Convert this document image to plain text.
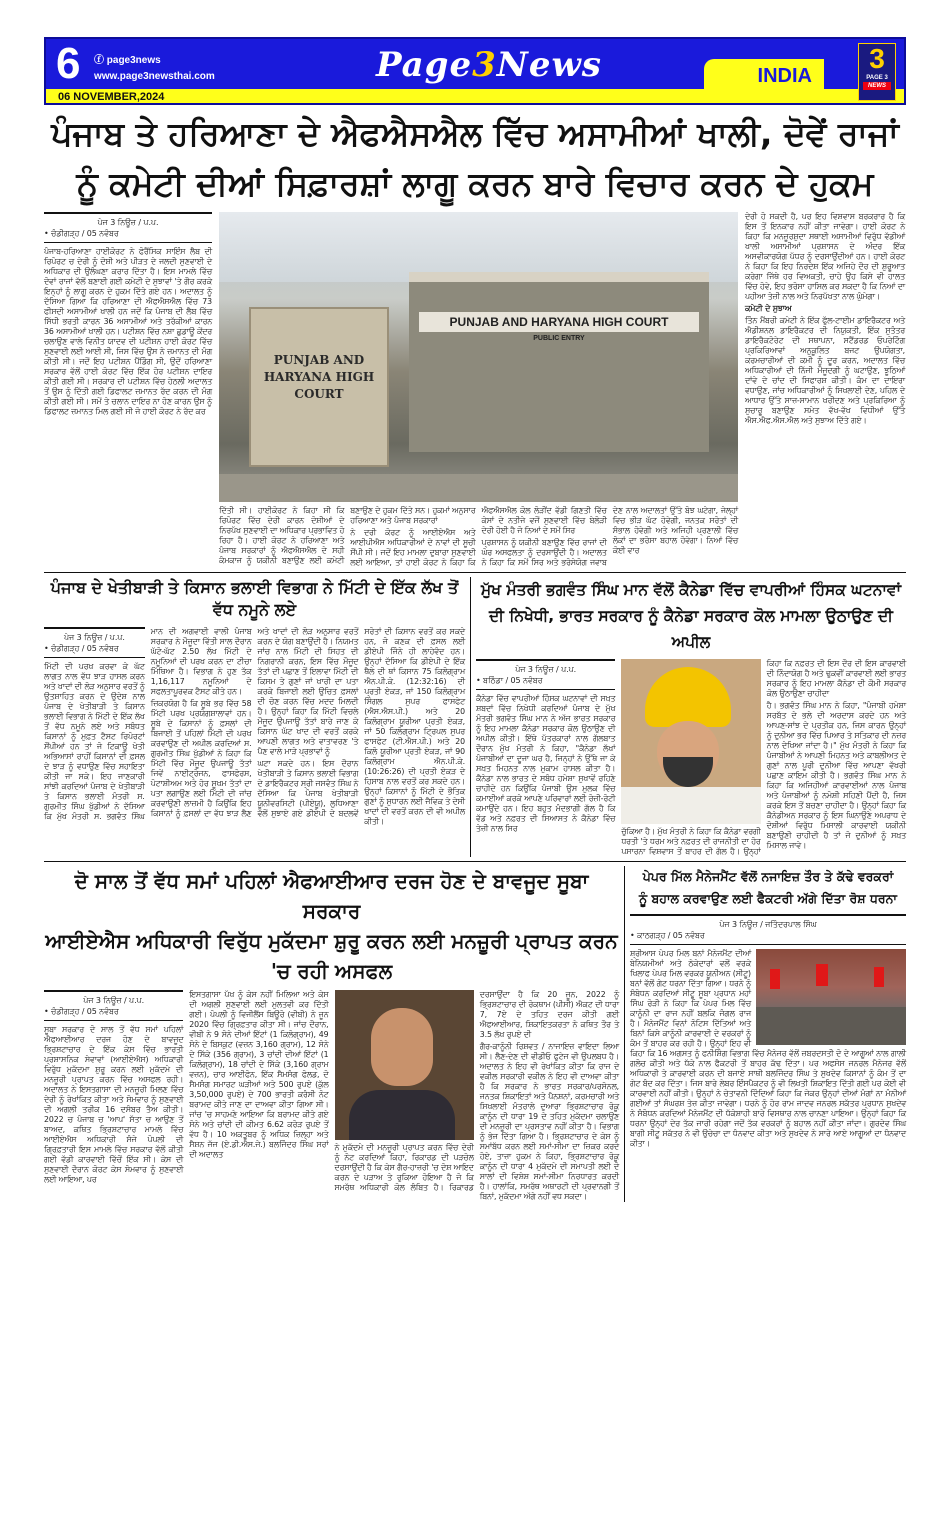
6 ⓕ page3news
www.page3newsthai.com
06 NOVEMBER,2024
Page3News	INDIA
3
PAGE 3
NEWS
ਪੰਜਾਬ ਤੇ ਹਰਿਆਣਾ ਦੇ ਐਫਐਸਐਲ ਵਿੱਚ ਅਸਾਮੀਆਂ ਖਾਲੀ, ਦੋਵੇਂ ਰਾਜਾਂ
ਨੂੰ ਕਮੇਟੀ ਦੀਆਂ ਸਿਫ਼ਾਰਸ਼ਾਂ ਲਾਗੂ ਕਰਨ ਬਾਰੇ ਵਿਚਾਰ ਕਰਨ ਦੇ ਹੁਕਮ
ਪੇਜ 3 ਨਿਊਜ਼ / ਪ.ਪ.
• ਚੰਡੀਗੜ੍ਹ / 05 ਨਵੰਬਰ

ਪੰਜਾਬ-ਹਰਿਆਣਾ ਹਾਈਕੋਰਟ ਨੇ ਫੋਰੈਂਸਿਕ ਸਾਇੰਸ ਲੈਬ ਦੀ ਰਿਪੋਰਟ ਚ ਦੇਰੀ ਨੂੰ ਦੋਸ਼ੀ ਅਤੇ ਪੀੜਤ ਦੇ ਜਲਦੀ ਸੁਣਵਾਈ ਦੇ ਅਧਿਕਾਰ ਦੀ ਉਲੰਘਣਾ ਕਰਾਰ ਦਿੱਤਾ ਹੈ। ਇਸ ਮਾਮਲੇ ਵਿੱਚ ਦੋਵਾਂ ਰਾਜਾਂ ਵੱਲੋਂ ਬਣਾਈ ਗਈ ਕਮੇਟੀ ਦੇ ਸੁਝਾਵਾਂ 'ਤੇ ਗੌਰ ਕਰਕੇ ਇਨ੍ਹਾਂ ਨੂੰ ਲਾਗੂ ਕਰਨ ਦੇ ਹੁਕਮ ਦਿੱਤੇ ਗਏ ਹਨ। ਅਦਾਲਤ ਨੂੰ ਦੱਸਿਆ ਗਿਆ ਕਿ ਹਰਿਆਣਾ ਦੀ ਐਫਐਸਐਲ ਵਿੱਚ 73 ਫੀਸਦੀ ਅਸਾਮੀਆਂ ਖਾਲੀ ਹਨ ਜਦੋਂ ਕਿ ਪੰਜਾਬ ਦੀ ਲੈਬ ਵਿੱਚ ਸਿੱਧੀ ਭਰਤੀ ਕਾਰਨ 36 ਅਸਾਮੀਆਂ ਅਤੇ ਤਰੱਕੀਆਂ ਕਾਰਨ 36 ਅਸਾਮੀਆਂ ਖਾਲੀ ਹਨ। ਪਟੀਸ਼ਨ ਵਿੱਚ ਨਸ਼ਾ ਛੁਡਾਊ ਕੇਂਦਰ ਚਲਾਉਣ ਵਾਲੇ ਵਿਨੀਤ ਯਾਦਵ ਦੀ ਪਟੀਸ਼ਨ ਹਾਈ ਕੋਰਟ ਵਿੱਚ ਸੁਣਵਾਈ ਲਈ ਆਈ ਸੀ, ਜਿਸ ਵਿੱਚ ਉਸ ਨੇ ਜ਼ਮਾਨਤ ਦੀ ਮੰਗ ਕੀਤੀ ਸੀ। ਜਦੋਂ ਇਹ ਪਟੀਸ਼ਨ ਪੈਂਡਿੰਗ ਸੀ, ਉਦੋਂ ਹਰਿਆਣਾ ਸਰਕਾਰ ਵੱਲੋਂ ਹਾਈ ਕੋਰਟ ਵਿੱਚ ਇੱਕ ਹੋਰ ਪਟੀਸ਼ਨ ਦਾਇਰ ਕੀਤੀ ਗਈ ਸੀ। ਸਰਕਾਰ ਦੀ ਪਟੀਸ਼ਨ ਵਿੱਚ ਹੇਠਲੀ ਅਦਾਲਤ ਤੋਂ ਉਸ ਨੂੰ ਦਿੱਤੀ ਗਈ ਡਿਫਾਲਟ ਜ਼ਮਾਨਤ ਰੱਦ ਕਰਨ ਦੀ ਮੰਗ ਕੀਤੀ ਗਈ ਸੀ। ਸਮੇਂ ਤੇ ਚਲਾਨ ਦਾਇਰ ਨਾ ਹੋਣ ਕਾਰਨ ਉਸ ਨੂੰ ਡਿਫਾਲਟ ਜ਼ਮਾਨਤ ਮਿਲ ਗਈ ਸੀ ਜੋ ਹਾਈ ਕੋਰਟ ਨੇ ਰੱਦ ਕਰ

PUNJAB AND HARYANA HIGH COURT
PUBLIC ENTRY
PUNJAB AND HARYANA HIGH COURT

ਦਿੱਤੀ ਸੀ। ਹਾਈਕੋਰਟ ਨੇ ਕਿਹਾ ਸੀ ਕਿ ਰਿਪੋਰਟ ਵਿੱਚ ਦੇਰੀ ਕਾਰਨ ਦੋਸ਼ੀਆਂ ਦੇ ਨਿਰਪੱਖ ਸੁਣਵਾਈ ਦਾ ਅਧਿਕਾਰ ਪ੍ਰਭਾਵਿਤ ਹੋ ਰਿਹਾ ਹੈ। ਹਾਈ ਕੋਰਟ ਨੇ ਹਰਿਆਣਾ ਅਤੇ ਪੰਜਾਬ ਸਰਕਾਰਾਂ ਨੂੰ ਐਫਐਸਐਲ ਦੇ ਸਹੀ ਕੰਮਕਾਜ ਨੂੰ ਯਕੀਨੀ ਬਣਾਉਣ ਲਈ ਕਮੇਟੀ ਬਣਾਉਣ ਦੇ ਹੁਕਮ ਦਿੱਤੇ ਸਨ। ਹੁਕਮਾਂ ਅਨੁਸਾਰ ਹਰਿਆਣਾ ਅਤੇ ਪੰਜਾਬ ਸਰਕਾਰਾਂ

ਨੇ ਦਰੀ ਕੋਰਟ ਨੂੰ ਆਈਏਐਸ ਅਤੇ ਆਈਪੀਐਸ ਅਧਿਕਾਰੀਆਂ ਦੇ ਨਾਵਾਂ ਦੀ ਸੂਚੀ ਸੌਂਪੀ ਸੀ। ਜਦੋਂ ਇਹ ਮਾਮਲਾ ਦੁਬਾਰਾ ਸੁਣਵਾਈ ਲਈ ਆਇਆ, ਤਾਂ ਹਾਈ ਕੋਰਟ ਨੇ ਕਿਹਾ ਕਿ ਐਫਐਸਐਲ ਕੋਲ ਲੋੜੀਂਦ ਵੱਡੀ ਗਿਣਤੀ ਵਿੱਚ ਕੇਸਾਂ ਦੇ ਨਤੀਜੇ ਵਜੋਂ ਸੁਣਵਾਈ ਵਿੱਚ ਬੇਲੋੜੀ ਦੇਰੀ ਹੋਈ ਹੈ ਜੋ ਨਿਆਂ ਦੇ ਸਮੇਂ ਸਿਰ

ਪ੍ਰਸ਼ਾਸਨ ਨੂੰ ਯਕੀਨੀ ਬਣਾਉਣ ਵਿੱਚ ਰਾਜਾਂ ਦੀ ਘੋਰ ਅਸਫਲਤਾ ਨੂੰ ਦਰਸਾਉਂਦੀ ਹੈ। ਅਦਾਲਤ ਨੇ ਕਿਹਾ ਕਿ ਸਮੇਂ ਸਿਰ ਅਤੇ ਭਰੋਸੇਯੋਗ ਜਵਾਬ ਦੇਣ ਨਾਲ ਅਦਾਲਤਾਂ ਉੱਤੇ ਬੋਝ ਘਟੇਗਾ, ਜੇਲ੍ਹਾਂ ਵਿਚ ਭੀੜ ਘੱਟ ਹੋਵੇਗੀ, ਜਨਤਕ ਸਰੋਤਾਂ ਦੀ ਸੰਭਾਲ ਹੋਵੇਗੀ ਅਤੇ ਅਜਿਹੀ ਪ੍ਰਣਾਲੀ ਵਿੱਚ ਲੋਕਾਂ ਦਾ ਭਰੋਸਾ ਬਹਾਲ ਹੋਵੇਗਾ। ਨਿਆਂ ਵਿੱਚ ਕੋਈ ਵਾਰ

ਦੇਰੀ ਹੋ ਸਕਦੀ ਹੈ, ਪਰ ਇਹ ਵਿਸ਼ਵਾਸ ਬਰਕਰਾਰ ਹੈ ਕਿ ਇਸ ਤੋਂ ਇਨਕਾਰ ਨਹੀਂ ਕੀਤਾ ਜਾਵੇਗਾ। ਹਾਈ ਕੋਰਟ ਨੇ ਕਿਹਾ ਕਿ ਮਨਜ਼ੂਰਸ਼ੁਦਾ ਸਥਾਈ ਅਸਾਮੀਆਂ ਵਿਰੁੱਧ ਵੱਡੀਆਂ ਖਾਲੀ ਅਸਾਮੀਆਂ ਪ੍ਰਸ਼ਾਸਨ ਦੇ ਅੰਦਰ ਇੱਕ ਅਸਵੀਕਾਰਯੋਗ ਪੱਧਰ ਨੂੰ ਦਰਸਾਉਂਦੀਆਂ ਹਨ। ਹਾਈ ਕੋਰਟ ਨੇ ਕਿਹਾ ਕਿ ਇਹ ਨਿਰਦੇਸ਼ ਇੱਕ ਅਜਿਹੇ ਦੌਰ ਦੀ ਸ਼ੁਰੂਆਤ ਕਰੇਗਾ ਜਿੱਥੇ ਹਰ ਵਿਅਕਤੀ, ਚਾਹੇ ਉਹ ਕਿਸੇ ਵੀ ਹਾਲਤ ਵਿੱਚ ਹੋਵੇ, ਇਹ ਭਰੋਸਾ ਹਾਸਿਲ ਕਰ ਸਕਦਾ ਹੈ ਕਿ ਨਿਆਂ ਦਾ ਪਹੀਆ ਤੇਜ਼ੀ ਨਾਲ ਅਤੇ ਨਿਰਪੱਖਤਾ ਨਾਲ ਘੁੰਮੇਗਾ।

ਕਮੇਟੀ ਦੇ ਸੁਝਾਅ

ਤਿੰਨ ਮੈਂਬਰੀ ਕਮੇਟੀ ਨੇ ਇੱਕ ਫੁੱਲ-ਟਾਈਮ ਡਾਇਰੈਕਟਰ ਅਤੇ ਐਡੀਸ਼ਨਲ ਡਾਇਰੈਕਟਰ ਦੀ ਨਿਯੁਕਤੀ, ਇੱਕ ਸੁਤੰਤਰ ਡਾਇਰੈਕਟੋਰੇਟ ਦੀ ਸਥਾਪਨਾ, ਸਟੈਂਡਰਡ ਓਪਰੇਟਿੰਗ ਪ੍ਰਕਿਰਿਆਵਾਂ ਅਨੁਕੂਲਿਤ ਬਜਟ ਉਪਯੋਗਤਾ, ਕਰਮਚਾਰੀਆਂ ਦੀ ਕਮੀ ਨੂੰ ਦੂਰ ਕਰਨ, ਅਦਾਲਤ ਵਿੱਚ ਅਧਿਕਾਰੀਆਂ ਦੀ ਨਿੱਜੀ ਮੌਜੂਦਗੀ ਨੂੰ ਘਟਾਉਣ, ਝੂਠਿਆਂ ਦਾਂਵੇ ਦੇ ਚਾਂਦ ਦੀ ਸਿਫਾਰਸ਼ ਕੀਤੀ। ਕੰਮ ਦਾ ਦਾਇਰਾ ਵਧਾਉਣ, ਜਾਂਚ ਅਧਿਕਾਰੀਆਂ ਨੂੰ ਸਿਖਲਾਈ ਦੇਣ, ਪਹਿਲ ਦੇ ਆਧਾਰ ਉੱਤੇ ਸਾਜ਼-ਸਾਮਾਨ ਖਰੀਦਣ ਅਤੇ ਪ੍ਰਕਿਰਿਆ ਨੂੰ ਸੁਚਾਰੂ ਬਣਾਉਣ ਸਮੇਤ ਵੱਖ-ਵੱਖ ਵਿਧੀਆਂ ਉੱਤੇ ਐਸ.ਐਫ.ਐਸ.ਐਲ ਅਤੇ ਸੁਝਾਅ ਦਿੱਤੇ ਗਏ।

ਪੰਜਾਬ ਦੇ ਖੇਤੀਬਾੜੀ ਤੇ ਕਿਸਾਨ ਭਲਾਈ ਵਿਭਾਗ ਨੇ ਮਿੱਟੀ ਦੇ ਇੱਕ ਲੱਖ ਤੋਂ ਵੱਧ ਨਮੂਨੇ ਲਏ
ਪੇਜ 3 ਨਿਊਜ਼ / ਪ.ਪ.
• ਚੰਡੀਗੜ੍ਹ / 05 ਨਵੰਬਰ

ਮਿੱਟੀ ਦੀ ਪਰਖ ਕਰਵਾ ਕੇ ਘੱਟ ਲਾਗਤ ਨਾਲ ਵੱਧ ਝਾੜ ਹਾਸਲ ਕਰਨ ਅਤੇ ਖਾਦਾਂ ਦੀ ਲੋੜ ਅਨੁਸਾਰ ਵਰਤੋਂ ਨੂੰ ਉਤਸ਼ਾਹਿਤ ਕਰਨ ਦੇ ਉਦੇਸ਼ ਨਾਲ ਪੰਜਾਬ ਦੇ ਖੇਤੀਬਾੜੀ ਤੇ ਕਿਸਾਨ ਭਲਾਈ ਵਿਭਾਗ ਨੇ ਮਿੱਟੀ ਦੇ ਇੱਕ ਲੱਖ ਤੋਂ ਵੱਧ ਨਮੂਨੇ ਲਏ ਅਤੇ ਸਬੰਧਤ ਕਿਸਾਨਾਂ ਨੂੰ ਮੁਫ਼ਤ ਟੈਸਟ ਰਿਪੋਰਟਾਂ ਸੌਂਪੀਆਂ ਹਨ ਤਾਂ ਜੋ ਟਿਕਾਊ ਖੇਤੀ ਅਭਿਆਸਾਂ ਰਾਹੀਂ ਕਿਸਾਨਾਂ ਦੀ ਫ਼ਸਲ ਦੇ ਝਾੜ ਨੂੰ ਵਧਾਉਣ ਵਿੱਚ ਸਹਾਇਤਾ ਕੀਤੀ ਜਾ ਸਕੇ। ਇਹ ਜਾਣਕਾਰੀ ਸਾਂਝੀ ਕਰਦਿਆਂ ਪੰਜਾਬ ਦੇ ਖੇਤੀਬਾੜੀ ਤੇ ਕਿਸਾਨ ਭਲਾਈ ਮੰਤਰੀ ਸ. ਗੁਰਮੀਤ ਸਿੰਘ ਖੁੱਡੀਆਂ ਨੇ ਦੱਸਿਆ ਕਿ ਮੁੱਖ ਮੰਤਰੀ ਸ. ਭਗਵੰਤ ਸਿੰਘ ਮਾਨ ਦੀ ਅਗਵਾਈ ਵਾਲੀ ਪੰਜਾਬ ਸਰਕਾਰ ਨੇ ਮੌਜੂਦਾ ਵਿੱਤੀ ਸਾਲ ਦੌਰਾਨ ਘੱਟੋ-ਘੱਟ 2.50 ਲੱਖ ਮਿੱਟੀ ਦੇ ਨਮੂਨਿਆਂ ਦੀ ਪਰਖ ਕਰਨ ਦਾ ਟੀਚਾ ਮਿੱਥਿਆ ਹੈ। ਵਿਭਾਗ ਨੇ ਹੁਣ ਤੱਕ 1,16,117 ਨਮੂਨਿਆਂ ਦੇ ਸਫਲਤਾਪੂਰਵਕ ਟੈਸਟ ਕੀਤੇ ਹਨ।

ਜ਼ਿਕਰਯੋਗ ਹੈ ਕਿ ਸੂਬੇ ਭਰ ਵਿੱਚ 58 ਮਿੱਟੀ ਪਰਖ ਪ੍ਰਯੋਗਸ਼ਾਲਾਵਾਂ ਹਨ। ਸੂਬੇ ਦੇ ਕਿਸਾਨਾਂ ਨੂੰ ਫ਼ਸਲਾਂ ਦੀ ਬਿਜਾਈ ਤੋਂ ਪਹਿਲਾਂ ਮਿੱਟੀ ਦੀ ਪਰਖ ਕਰਵਾਉਣ ਦੀ ਅਪੀਲ ਕਰਦਿਆਂ ਸ. ਗੁਰਮੀਤ ਸਿੰਘ ਖੁੱਡੀਆਂ ਨੇ ਕਿਹਾ ਕਿ ਮਿੱਟੀ ਵਿੱਚ ਮੌਜੂਦ ਉਪਜਾਊ ਤੱਤਾਂ ਜਿਵੇਂ ਨਾਈਟ੍ਰੋਜਨ, ਫਾਸਫੋਰਸ, ਪੋਟਾਸ਼ੀਅਮ ਅਤੇ ਹੋਰ ਸੂਖਮ ਤੱਤਾਂ ਦਾ ਪਤਾ ਲਗਾਉਣ ਲਈ ਮਿੱਟੀ ਦੀ ਜਾਂਚ ਕਰਵਾਉਣੀ ਲਾਜ਼ਮੀ ਹੈ ਕਿਉਂਕਿ ਇਹ ਕਿਸਾਨਾਂ ਨੂੰ ਫ਼ਸਲਾਂ ਦਾ ਵੱਧ ਝਾੜ ਲੈਣ ਅਤੇ ਖਾਦਾਂ ਦੀ ਲੋੜ ਅਨੁਸਾਰ ਵਰਤੋਂ ਕਰਨ ਦੇ ਯੋਗ ਬਣਾਉਂਦੀ ਹੈ। ਨਿਯਮਤ ਜਾਂਚ ਨਾਲ ਮਿੱਟੀ ਦੀ ਸਿਹਤ ਦੀ ਨਿਗਰਾਨੀ ਕਰਨ, ਇਸ ਵਿੱਚ ਮੌਜੂਦ ਤੱਤਾਂ ਦੀ ਪਛਾਣ ਤੋਂ ਇਲਾਵਾ ਮਿੱਟੀ ਦੀ ਕਿਸਮ ਤੇ ਗੁਣਾਂ ਜਾਂ ਖਾਰੀ ਦਾ ਪਤਾ ਕਰਕੇ ਬਿਜਾਈ ਲਈ ਉਚਿਤ ਫ਼ਸਲਾਂ ਦੀ ਚੋਣ ਕਰਨ ਵਿੱਚ ਮਦਦ ਮਿਲਦੀ ਹੈ। ਉਨ੍ਹਾਂ ਕਿਹਾ ਕਿ ਮਿੱਟੀ ਵਿਚਲੇ ਮੌਜੂਦ ਉਪਜਾਊ ਤੱਤਾਂ ਬਾਰੇ ਜਾਣ ਕੇ ਕਿਸਾਨ ਘੱਟ ਖਾਦ ਦੀ ਵਰਤੋਂ ਕਰਕੇ ਆਪਣੀ ਲਾਗਤ ਅਤੇ ਵਾਤਾਵਰਣ 'ਤੇ ਪੈਣ ਵਾਲੇ ਮਾੜੇ ਪ੍ਰਭਾਵਾਂ ਨੂੰ

ਘਟਾ ਸਕਦੇ ਹਨ। ਇਸ ਦੌਰਾਨ ਖੇਤੀਬਾੜੀ ਤੇ ਕਿਸਾਨ ਭਲਾਈ ਵਿਭਾਗ ਦੇ ਡਾਇਰੈਕਟਰ ਸ੍ਰੀ ਜਸਵੰਤ ਸਿੰਘ ਨੇ ਦੱਸਿਆ ਕਿ ਪੰਜਾਬ ਖੇਤੀਬਾੜੀ ਯੂਨੀਵਰਸਿਟੀ (ਪੀਏਯੂ), ਲੁਧਿਆਣਾ ਵੱਲੋਂ ਸੁਝਾਏ ਗਏ ਡੀਏਪੀ ਦੇ ਬਦਲਵੇਂ ਸਰੋਤਾਂ ਦੀ ਕਿਸਾਨ ਵਰਤੋਂ ਕਰ ਸਕਦੇ ਹਨ, ਜੋ ਕਣਕ ਦੀ ਫ਼ਸਲ ਲਈ ਡੀਏਪੀ ਜਿੰਨੇ ਹੀ ਲਾਹੇਵੰਦ ਹਨ। ਉਨ੍ਹਾਂ ਦੱਸਿਆ ਕਿ ਡੀਏਪੀ ਦੇ ਇੱਕ ਥੈਲੇ ਦੀ ਥਾਂ ਕਿਸਾਨ 75 ਕਿਲੋਗ੍ਰਾਮ ਐਨ.ਪੀ.ਕੇ. (12:32:16) ਦੀ ਪ੍ਰਤੀ ਏਕੜ, ਜਾਂ 150 ਕਿਲੋਗ੍ਰਾਮ ਸਿੰਗਲ ਸੁਪਰ ਫਾਸਫੇਟ (ਐਸ.ਐਸ.ਪੀ.) ਅਤੇ 20 ਕਿਲੋਗ੍ਰਾਮ ਯੂਰੀਆ ਪ੍ਰਤੀ ਏਕੜ, ਜਾਂ 50 ਕਿਲੋਗ੍ਰਾਮ ਟ੍ਰਿਪਲ ਸੁਪਰ ਫਾਸਫੇਟ (ਟੀ.ਐਸ.ਪੀ.) ਅਤੇ 20 ਕਿਲੋ ਯੂਰੀਆ ਪ੍ਰਤੀ ਏਕੜ, ਜਾਂ 90 ਕਿਲੋਗ੍ਰਾਮ ਐਨ.ਪੀ.ਕੇ. (10:26:26) ਦੀ ਪ੍ਰਤੀ ਏਕੜ ਦੇ ਹਿਸਾਬ ਨਾਲ ਵਰਤੋਂ ਕਰ ਸਕਦੇ ਹਨ। ਉਨ੍ਹਾਂ ਕਿਸਾਨਾਂ ਨੂੰ ਮਿੱਟੀ ਦੇ ਭੌਤਿਕ ਗੁਣਾਂ ਨੂੰ ਸੁਧਾਰਨ ਲਈ ਜੈਵਿਕ ਤੇ ਦੇਸੀ ਖਾਦਾਂ ਦੀ ਵਰਤੋਂ ਕਰਨ ਦੀ ਵੀ ਅਪੀਲ ਕੀਤੀ।

ਮੁੱਖ ਮੰਤਰੀ ਭਗਵੰਤ ਸਿੰਘ ਮਾਨ ਵੱਲੋਂ ਕੈਨੇਡਾ ਵਿੱਚ ਵਾਪਰੀਆਂ ਹਿੰਸਕ ਘਟਨਾਵਾਂ
ਦੀ ਨਿਖੇਧੀ, ਭਾਰਤ ਸਰਕਾਰ ਨੂੰ ਕੈਨੇਡਾ ਸਰਕਾਰ ਕੋਲ ਮਾਮਲਾ ਉਠਾਉਣ ਦੀ ਅਪੀਲ
ਪੇਜ 3 ਨਿਊਜ਼ / ਪ.ਪ.
• ਬਠਿੰਡਾ / 05 ਨਵੰਬਰ

ਕੈਨੇਡਾ ਵਿੱਚ ਵਾਪਰੀਆਂ ਹਿੰਸਕ ਘਟਨਾਵਾਂ ਦੀ ਸਖ਼ਤ ਸ਼ਬਦਾਂ ਵਿੱਚ ਨਿਖੇਧੀ ਕਰਦਿਆਂ ਪੰਜਾਬ ਦੇ ਮੁੱਖ ਮੰਤਰੀ ਭਗਵੰਤ ਸਿੰਘ ਮਾਨ ਨੇ ਅੱਜ ਭਾਰਤ ਸਰਕਾਰ ਨੂੰ ਇਹ ਮਾਮਲਾ ਕੈਨੇਡਾ ਸਰਕਾਰ ਕੋਲ ਉਠਾਉਣ ਦੀ ਅਪੀਲ ਕੀਤੀ। ਇੱਥੇ ਪੱਤਰਕਾਰਾਂ ਨਾਲ ਗੱਲਬਾਤ ਦੌਰਾਨ ਮੁੱਖ ਮੰਤਰੀ ਨੇ ਕਿਹਾ, "ਕੈਨੇਡਾ ਲੱਖਾਂ ਪੰਜਾਬੀਆਂ ਦਾ ਦੂਜਾ ਘਰ ਹੈ, ਜਿਨ੍ਹਾਂ ਨੇ ਉੱਥੇ ਜਾ ਕੇ ਸਖ਼ਤ ਮਿਹਨਤ ਨਾਲ ਮੁਕਾਮ ਹਾਸਲ ਕੀਤਾ ਹੈ। ਕੈਨੇਡਾ ਨਾਲ ਭਾਰਤ ਦੇ ਸਬੰਧ ਹਮੇਸ਼ਾ ਸੁਖਾਵੇਂ ਰਹਿਣੇ ਚਾਹੀਦੇ ਹਨ ਕਿਉਂਕਿ ਪੰਜਾਬੀ ਉਸ ਮੁਲਕ ਵਿੱਚ ਕਮਾਈਆਂ ਕਰਕੇ ਆਪਣੇ ਪਰਿਵਾਰਾਂ ਲਈ ਰੋਜ਼ੀ-ਰੋਟੀ ਕਮਾਉਂਦੇ ਹਨ। ਇਹ ਬਹੁਤ ਮੰਦਭਾਗੀ ਗੱਲ ਹੈ ਕਿ ਵੱਡ ਅਤੇ ਨਫ਼ਰਤ ਦੀ ਸਿਆਸਤ ਨੇ ਕੈਨੇਡਾ ਵਿੱਚ ਤੇਜ਼ੀ ਨਾਲ ਸਿਰ	ਚੁੱਕਿਆ ਹੈ। ਮੁੱਖ ਮੰਤਰੀ ਨੇ ਕਿਹਾ ਕਿ ਕੈਨੇਡਾ ਵਰਗੀ ਧਰਤੀ 'ਤੇ ਧਰਮ ਅਤੇ ਨਫ਼ਰਤ ਦੀ ਰਾਜਨੀਤੀ ਦਾ ਹੋਰ ਪਸਾਰਨਾ ਵਿਸ਼ਵਾਸ ਤੋਂ ਬਾਹਰ ਦੀ ਗੱਲ ਹੈ। ਉਨ੍ਹਾਂ ਕਿਹਾ ਕਿ ਨਫ਼ਰਤ ਦੀ ਇਸ ਦੌਰ ਦੀ ਇਸ ਕਾਰਵਾਈ ਦੀ ਨਿੰਦਾਯੋਗ ਹੈ ਅਤੇ ਢੁਕਵੀਂ ਕਾਰਵਾਈ ਲਈ ਭਾਰਤ ਸਰਕਾਰ ਨੂੰ ਇਹ ਮਾਮਲਾ ਕੈਨੇਡਾ ਦੀ ਕੌਮੀ ਸਰਕਾਰ ਕੋਲ ਉਠਾਉਣਾ ਚਾਹੀਦਾ

ਹੈ। ਭਗਵੰਤ ਸਿੰਘ ਮਾਨ ਨੇ ਕਿਹਾ, "ਪੰਜਾਬੀ ਹਮੇਸ਼ਾ ਸਰਬੱਤ ਦੇ ਭਲੇ ਦੀ ਅਰਦਾਸ ਕਰਦੇ ਹਨ ਅਤੇ ਆਪਣ-ਸਾਂਝ ਦੇ ਪ੍ਰਤੀਕ ਹਨ, ਜਿਸ ਕਾਰਨ ਉਨ੍ਹਾਂ ਨੂੰ ਦੁਨੀਆ ਭਰ ਵਿੱਚ ਪਿਆਰ ਤੇ ਸਤਿਕਾਰ ਦੀ ਨਜ਼ਰ ਨਾਲ ਦੇਖਿਆ ਜਾਂਦਾ ਹੈ।" ਮੁੱਖ ਮੰਤਰੀ ਨੇ ਕਿਹਾ ਕਿ ਪੰਜਾਬੀਆਂ ਨੇ ਆਪਣੀ ਮਿਹਨਤ ਅਤੇ ਕਾਬਲੀਅਤ ਦੇ ਗੁਣਾਂ ਨਾਲ ਪੂਰੀ ਦੁਨੀਆ ਵਿੱਚ ਆਪਣਾ ਵੱਖਰੀ ਪਛਾਣ ਕਾਇਮ ਕੀਤੀ ਹੈ। ਭਗਵੰਤ ਸਿੰਘ ਮਾਨ ਨੇ ਕਿਹਾ ਕਿ ਅਜਿਹੀਆਂ ਕਾਰਵਾਈਆਂ ਨਾਲ ਪੰਜਾਬ ਅਤੇ ਪੰਜਾਬੀਆਂ ਨੂੰ ਨਮੋਸ਼ੀ ਸਹਿਣੀ ਪੈਂਦੀ ਹੈ, ਜਿਸ ਕਰਕੇ ਇਸ ਤੋਂ ਬਚਣਾ ਚਾਹੀਦਾ ਹੈ। ਉਨ੍ਹਾਂ ਕਿਹਾ ਕਿ ਕੈਨੇਡੀਅਨ ਸਰਕਾਰ ਨੂੰ ਇਸ ਘਿਨਾਉਣੇ ਅਪਰਾਧ ਦੇ ਦੋਸ਼ੀਆਂ ਵਿਰੁੱਧ ਮਿਸਾਲੀ ਕਾਰਵਾਈ ਯਕੀਨੀ ਬਣਾਉਣੀ ਚਾਹੀਦੀ ਹੈ ਤਾਂ ਜੋ ਦੁਨੀਆਂ ਨੂੰ ਸਖ਼ਤ ਮਿਸਾਲ ਜਾਵੇ।

ਦੋ ਸਾਲ ਤੋਂ ਵੱਧ ਸਮਾਂ ਪਹਿਲਾਂ ਐਫਆਈਆਰ ਦਰਜ ਹੋਣ ਦੇ ਬਾਵਜੂਦ ਸੂਬਾ ਸਰਕਾਰ
ਆਈਏਐਸ ਅਧਿਕਾਰੀ ਵਿਰੁੱਧ ਮੁਕੱਦਮਾ ਸ਼ੁਰੂ ਕਰਨ ਲਈ ਮਨਜ਼ੂਰੀ ਪ੍ਰਾਪਤ ਕਰਨ 'ਚ ਰਹੀ ਅਸਫਲ
ਪੇਜ 3 ਨਿਊਜ਼ / ਪ.ਪ.
• ਚੰਡੀਗੜ੍ਹ / 05 ਨਵੰਬਰ

ਸੂਬਾ ਸਰਕਾਰ ਦੋ ਸਾਲ ਤੋਂ ਵੱਧ ਸਮਾਂ ਪਹਿਲਾਂ ਐਫਆਈਆਰ ਦਰਜ ਹੋਣ ਦੇ ਬਾਵਜੂਦ ਭ੍ਰਿਸ਼ਟਾਚਾਰ ਦੇ ਇੱਕ ਕੇਸ ਵਿੱਚ ਭਾਰਤੀ ਪ੍ਰਸ਼ਾਸਨਿਕ ਸੇਵਾਵਾਂ (ਆਈਏਐਸ) ਅਧਿਕਾਰੀ ਵਿਰੁੱਧ ਮੁਕੱਦਮਾ ਸ਼ੁਰੂ ਕਰਨ ਲਈ ਮੁਕੱਦਮੇ ਦੀ ਮਨਜ਼ੂਰੀ ਪ੍ਰਾਪਤ ਕਰਨ ਵਿੱਚ ਅਸਫਲ ਰਹੀ। ਅਦਾਲਤ ਨੇ ਇਸਤਗਾਸਾ ਦੀ ਮਨਜ਼ੂਰੀ ਮਿਲਣ ਵਿੱਚ ਦੇਰੀ ਨੂੰ ਰੇਖਾਂਕਿਤ ਕੀਤਾ ਅਤੇ ਸੋਮਵਾਰ ਨੂੰ ਸੁਣਵਾਈ ਦੀ ਅਗਲੀ ਤਰੀਕ 16 ਦਸੰਬਰ ਤੈਅ ਕੀਤੀ। 2022 ਚ ਪੰਜਾਬ ਚ 'ਆਪ' ਸੱਤਾ ਚ ਆਉਣ ਤੋਂ ਬਾਅਦ, ਕਥਿਤ ਭ੍ਰਿਸ਼ਟਾਚਾਰ ਮਾਮਲੇ ਵਿੱਚ ਆਈਏਐਸ ਅਧਿਕਾਰੀ ਸੰਜੇ ਪੋਪਲੀ ਦੀ ਗ੍ਰਿਫ਼ਤਾਰੀ ਇਸ ਮਾਮਲੇ ਵਿੱਚ ਸਰਕਾਰ ਵੱਲੋਂ ਕੀਤੀ ਗਈ ਵੱਡੀ ਕਾਰਵਾਈ ਵਿੱਚੋਂ ਇੱਕ ਸੀ। ਕੇਸ ਦੀ ਸੁਣਵਾਈ ਦੌਰਾਨ ਕੋਰਟ ਕੇਸ ਸੋਮਵਾਰ ਨੂੰ ਸੁਣਵਾਈ ਲਈ ਆਇਆ, ਪਰ

ਇਸਤਗਾਸਾ ਪੱਖ ਨੂੰ ਕੇਸ ਨਹੀਂ ਮਿਲਿਆ ਅਤੇ ਕੇਸ ਦੀ ਅਗਲੀ ਸੁਣਵਾਈ ਲਈ ਮੁਲਤਵੀ ਕਰ ਦਿੱਤੀ ਗਈ। ਪੋਪਲੀ ਨੂੰ ਵਿਜੀਲੈਂਸ ਬਿਊਰੋ (ਵੀਬੀ) ਨੇ ਜੂਨ 2020 ਵਿੱਚ ਗ੍ਰਿਫ਼ਤਾਰ ਕੀਤਾ ਸੀ। ਜਾਂਚ ਦੌਰਾਨ, ਵੀਬੀ ਨੇ 9 ਸੋਨੇ ਦੀਆਂ ਇੱਟਾਂ (1 ਕਿਲੋਗ੍ਰਾਮ), 49 ਸੋਨੇ ਦੇ ਬਿਸਕੁਟ (ਵਜ਼ਨ 3,160 ਗ੍ਰਾਮ), 12 ਸੋਨੇ ਦੇ ਸਿੱਕੇ (356 ਗ੍ਰਾਮ), 3 ਚਾਂਦੀ ਦੀਆਂ ਇੱਟਾਂ (1 ਕਿਲੋਗ੍ਰਾਮ), 18 ਚਾਂਦੀ ਦੇ ਸਿੱਕੇ (3,160 ਗ੍ਰਾਮ ਵਜ਼ਨ), ਚਾਰ ਆਈਫੋਨ, ਇੱਕ ਸੈਮਸੰਗ ਫੋਲਡ, ਦੋ ਸੈਮਸੰਗ ਸਮਾਰਟ ਘੜੀਆਂ ਅਤੇ 500 ਰੁਪਏ (ਕੁੱਲ 3,50,000 ਰੁਪਏ) ਦੇ 700 ਭਾਰਤੀ ਕਰੰਸੀ ਨੋਟ ਬਰਾਮਦ ਕੀਤੇ ਜਾਣ ਦਾ ਦਾਅਵਾ ਕੀਤਾ ਗਿਆ ਸੀ। ਜਾਂਚ 'ਚ ਸਾਹਮਣੇ ਆਇਆ ਕਿ ਬਰਾਮਦ ਕੀਤੇ ਗਏ ਸੋਨੇ ਅਤੇ ਚਾਂਦੀ ਦੀ ਕੀਮਤ 6.62 ਕਰੋੜ ਰੁਪਏ ਤੋਂ ਵੱਧ ਹੈ। 10 ਅਕਤੂਬਰ ਨੂੰ ਅਧਿਕ ਜ਼ਿਲ੍ਹਾ ਅਤੇ ਸੈਸ਼ਨ ਜੱਜ (ਏ.ਡੀ.ਐਸ.ਜੇ.) ਬਲਜਿੰਦਰ ਸਿੰਘ ਸਰਾਂ ਦੀ ਅਦਾਲਤ

ਨੇ ਮੁਕੱਦਮੇ ਦੀ ਮਨਜ਼ੂਰੀ ਪ੍ਰਾਪਤ ਕਰਨ ਵਿੱਚ ਦੇਰੀ ਨੂੰ ਨੋਟ ਕਰਦਿਆਂ ਕਿਹਾ, ਰਿਕਾਰਡ ਦੀ ਪੜਚੋਲ ਦਰਸਾਉਂਦੀ ਹੈ ਕਿ ਕੇਸ ਗੈਰ-ਹਾਜ਼ਰੀ 'ਚ ਦੋਸ਼ ਆਇਦ ਕਰਨ ਦੇ ਪੜਾਅ ਤੇ ਰੁਕਿਆ ਹੋਇਆ ਹੈ ਜੋ ਕਿ ਸਮਰੱਥ ਅਧਿਕਾਰੀ ਕੋਲ ਲੰਬਿਤ ਹੈ। ਰਿਕਾਰਡ ਦਰਸਾਉਂਦਾ ਹੈ ਕਿ 20 ਜੂਨ, 2022 ਨੂੰ ਭ੍ਰਿਸ਼ਟਾਚਾਰ ਦੀ ਰੋਕਥਾਮ (ਪੀਸੀ) ਐਕਟ ਦੀ ਧਾਰਾ 7, 7ਏ ਦੇ ਤਹਿਤ ਦਰਜ ਕੀਤੀ ਗਈ ਐਫਆਈਆਰ, ਸ਼ਿਕਾਇਤਕਰਤਾ ਨੇ ਕਥਿਤ ਤੌਰ ਤੇ 3.5 ਲੱਖ ਰੁਪਏ ਦੀ

ਗੈਰ-ਕਾਨੂੰਨੀ ਰਿਸ਼ਵਤ / ਨਾਜਾਇਜ਼ ਵਾਇਦਾ ਲਿਆ ਸੀ। ਲੈਣ-ਦੇਣ ਦੀ ਵੀਡੀਓ ਫੁਟੇਜ ਵੀ ਉਪਲਬਧ ਹੈ। ਅਦਾਲਤ ਨੇ ਇਹ ਵੀ ਰੇਖਾਂਕਿਤ ਕੀਤਾ ਕਿ ਰਾਜ ਦੇ ਵਕੀਲ ਸਰਕਾਰੀ ਵਕੀਲ ਨੇ ਇਹ ਵੀ ਦਾਅਵਾ ਕੀਤਾ ਹੈ ਕਿ ਸਰਕਾਰ ਨੇ ਭਾਰਤ ਸਰਕਾਰ/ਪਰਸੋਨਲ, ਜਨਤਕ ਸ਼ਿਕਾਇਤਾਂ ਅਤੇ ਪੈਨਸ਼ਨਾਂ, ਕਰਮਚਾਰੀ ਅਤੇ ਸਿਖਲਾਈ ਮੰਤਰਾਲੇ ਦੁਆਰਾ ਭ੍ਰਿਸ਼ਟਾਚਾਰ ਰੋਕੂ ਕਾਨੂੰਨ ਦੀ ਧਾਰਾ 19 ਦੇ ਤਹਿਤ ਮੁਕੱਦਮਾ ਚਲਾਉਣ ਦੀ ਮਨਜ਼ੂਰੀ ਦਾ ਪ੍ਰਸਤਾਵ ਨਹੀਂ ਕੀਤਾ ਹੈ। ਵਿਭਾਗ ਨੂੰ ਭੇਜ ਦਿੱਤਾ ਗਿਆ ਹੈ। ਭ੍ਰਿਸ਼ਟਾਚਾਰ ਦੇ ਕੇਸ ਨੂੰ ਸਮਾਂਬੱਧ ਕਰਨ ਲਈ ਸਮਾਂ-ਸੀਮਾ ਦਾ ਜ਼ਿਕਰ ਕਰਦੇ ਹੋਏ, ਤਾਜ਼ਾ ਹੁਕਮ ਨੇ ਕਿਹਾ, ਭ੍ਰਿਸ਼ਟਾਚਾਰ ਰੋਕੂ ਕਾਨੂੰਨ ਦੀ ਧਾਰਾ 4 ਮੁਕੱਦਮੇ ਦੀ ਸਮਾਪਤੀ ਲਈ ਦੋ ਸਾਲਾਂ ਦੀ ਵਿਸ਼ੇਸ਼ ਸਮਾਂ-ਸੀਮਾ ਨਿਰਧਾਰਤ ਕਰਦੀ ਹੈ। ਹਾਲਾਂਕਿ, ਸਮਰੱਥ ਅਥਾਰਟੀ ਦੀ ਪ੍ਰਵਾਨਗੀ ਤੋਂ ਬਿਨਾਂ, ਮੁਕੱਦਮਾ ਅੱਗੇ ਨਹੀਂ ਵਧ ਸਕਦਾ।

ਪੇਪਰ ਮਿੱਲ ਮੈਨੇਜਮੈਂਟ ਵੱਲੋਂ ਨਜਾਇਜ਼ ਤੌਰ ਤੇ ਕੱਢੇ ਵਰਕਰਾਂ
ਨੂੰ ਬਹਾਲ ਕਰਵਾਉਣ ਲਈ ਫੈਕਟਰੀ ਅੱਗੇ ਦਿੱਤਾ ਰੋਸ਼ ਧਰਨਾ
ਪੇਜ 3 ਨਿਊਜ਼ / ਜਤਿੰਦਰਪਾਲ ਸਿੰਘ
• ਕਾਠਗੜ੍ਹ / 05 ਨਵੰਬਰ

ਸ਼੍ਰੀਆਸ ਪੇਪਰ ਮਿਲ ਬਨਾਂ ਮੈਨੇਜਮੈਂਟ ਦੀਆਂ ਬੇਨਿਯਮੀਆਂ ਅਤੇ ਠੇਕੇਦਾਰਾਂ ਵਲੋਂ ਵਰਕੇ ਖਿਲਾਫ ਪੇਪਰ ਮਿਲ ਵਰਕਰ ਯੂਨੀਅਨ (ਸੀਟੂ) ਬਨਾਂ ਵੱਲੋਂ ਗੇਟ ਧਰਨਾ ਦਿੱਤਾ ਗਿਆ। ਧਰਨੇ ਨੂੰ ਸੰਬੋਧਨ ਕਰਦਿਆਂ ਸੀਟੂ ਸੂਬਾ ਪ੍ਰਧਾਨ ਮਹਾਂ ਸਿੰਘ ਰੋੜੀ ਨੇ ਕਿਹਾ ਕਿ ਪੇਪਰ ਮਿਲ ਵਿੱਚ ਕਾਨੂੰਨੀ ਦਾ ਰਾਜ ਨਹੀਂ ਬਲਕਿ ਜੰਗਲ ਰਾਜ ਹੈ। ਮੈਨੇਜਮੈਂਟ ਵਿਨਾਂ ਨੋਟਿਸ ਦਿੱਤਿਆਂ ਅਤੇ ਬਿਨਾਂ ਕਿਸੇ ਕਾਨੂੰਨੀ ਕਾਰਵਾਈ ਦੇ ਵਰਕਰਾਂ ਨੂੰ ਕੰਮ ਤੋਂ ਬਾਹਰ ਕਰ ਰਹੀ ਹੈ। ਉਨ੍ਹਾਂ ਇਹ ਵੀ ਕਿਹਾ ਕਿ 16 ਅਗਸਤ ਨੂੰ ਫਨੀਸ਼ਿੰਗ ਵਿਭਾਗ ਵਿੱਚ ਮੈਨੇਜਰ ਵੱਲੋਂ ਜ਼ਬਰਦਸਤੀ ਦੋ ਦੇ ਆਗੂਆਂ ਨਾਲ ਗਾਲੀ ਗਲੋਚ ਕੀਤੀ ਅਤੇ ਧੱਕੇ ਨਾਲ ਫੈਕਟਰੀ ਤੋਂ ਬਾਹਰ ਕੱਢ ਦਿੱਤਾ। ਪਰ ਅਫਸੋਸ ਜਨਰਲ ਮੈਨੇਜਰ ਵੱਲੋਂ ਅਧਿਕਾਰੀ ਤੇ ਕਾਰਵਾਈ ਕਰਨ ਦੀ ਬਜਾਏ ਸਾਥੀ ਬਲਜਿੰਦਰ ਸਿੰਘ ਤੇ ਸੁਖਦੇਵ ਕਿਸਾਨਾਂ ਨੂੰ ਕੰਮ ਤੋਂ ਦਾ ਗੇਟ ਬੰਦ ਕਰ ਦਿੱਤਾ। ਜਿਸ ਬਾਰੇ ਲੇਬਰ ਇੰਸਪੈਕਟਰ ਨੂੰ ਵੀ ਲਿਖਤੀ ਸ਼ਿਕਾਇਤ ਦਿੱਤੀ ਗਈ ਪਰ ਕੋਈ ਵੀ ਕਾਰਵਾਈ ਨਹੀਂ ਕੀਤੀ। ਉਨ੍ਹਾਂ ਨੇ ਚੇਤਾਵਨੀ ਦਿੰਦਿਆਂ ਕਿਹਾ ਕਿ ਜੇਕਰ ਉਨ੍ਹਾਂ ਦੀਆਂ ਮੰਗਾਂ ਨਾ ਮੰਨੀਆਂ ਗਈਆਂ ਤਾਂ ਸੰਘਰਸ਼ ਤੇਜ਼ ਕੀਤਾ ਜਾਵੇਗਾ। ਧਰਨੇ ਨੂੰ ਹੋਰ ਰਾਮ ਜਾਦਵ ਜਨਰਲ ਸਕੱਤਰ ਪ੍ਰਧਾਨ ਸੁਖਦੇਵ ਨੇ ਸੰਬੋਧਨ ਕਰਦਿਆਂ ਮੈਨੇਜਮੈਂਟ ਦੀ ਧੱਕੇਸ਼ਾਹੀ ਬਾਰੇ ਵਿਸਥਾਰ ਨਾਲ ਚਾਨਣਾ ਪਾਇਆ। ਉਨ੍ਹਾਂ ਕਿਹਾ ਕਿ ਧਰਨਾ ਉਨ੍ਹਾਂ ਦੇਰ ਤੱਕ ਜਾਰੀ ਰਹੇਗਾ ਜਦੋਂ ਤੱਕ ਵਰਕਰਾਂ ਨੂੰ ਬਹਾਲ ਨਹੀਂ ਕੀਤਾ ਜਾਂਦਾ। ਗੁਰਦੇਵ ਸਿੰਘ ਬਾਗੀ ਸੀਟੂ ਸਕੱਤਰ ਨੇ ਵੀ ਉਚੇਚਾ ਦਾ ਧੰਨਵਾਦ ਕੀਤਾ ਅਤੇ ਸੁਖਦੇਵ ਨੇ ਸਾਰੇ ਆਏ ਆਗੂਆਂ ਦਾ ਧੰਨਵਾਦ ਕੀਤਾ।
